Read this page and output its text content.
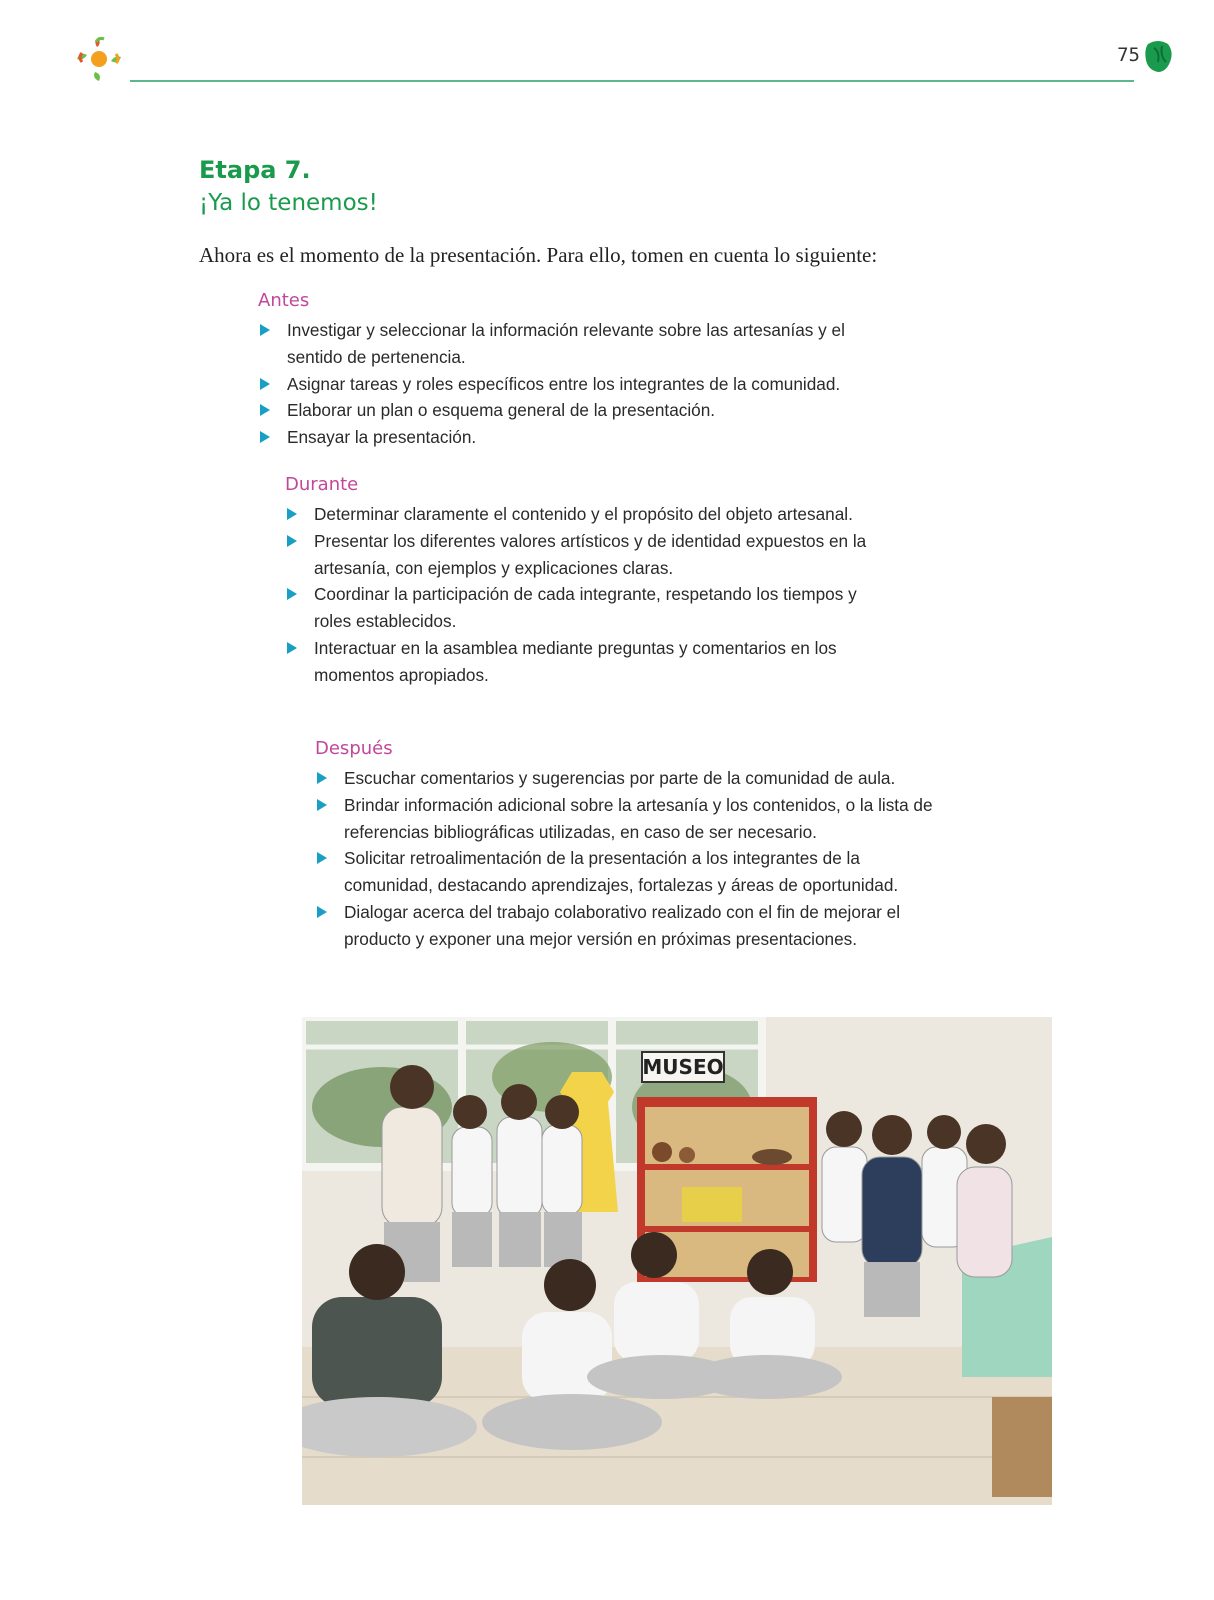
75
Etapa 7.
¡Ya lo tenemos!
Ahora es el momento de la presentación. Para ello, tomen en cuenta lo siguiente:
Antes
Investigar y seleccionar la información relevante sobre las artesanías y el sentido de pertenencia.
Asignar tareas y roles específicos entre los integrantes de la comunidad.
Elaborar un plan o esquema general de la presentación.
Ensayar la presentación.
Durante
Determinar claramente el contenido y el propósito del objeto artesanal.
Presentar los diferentes valores artísticos y de identidad expuestos en la artesanía, con ejemplos y explicaciones claras.
Coordinar la participación de cada integrante, respetando los tiempos y roles establecidos.
Interactuar en la asamblea mediante preguntas y comentarios en los momentos apropiados.
Después
Escuchar comentarios y sugerencias por parte de la comunidad de aula.
Brindar información adicional sobre la artesanía y los contenidos, o la lista de referencias bibliográficas utilizadas, en caso de ser necesario.
Solicitar retroalimentación de la presentación a los integrantes de la comunidad, destacando aprendizajes, fortalezas y áreas de oportunidad.
Dialogar acerca del trabajo colaborativo realizado con el fin de mejorar el producto y exponer una mejor versión en próximas presentaciones.
MUSEO
